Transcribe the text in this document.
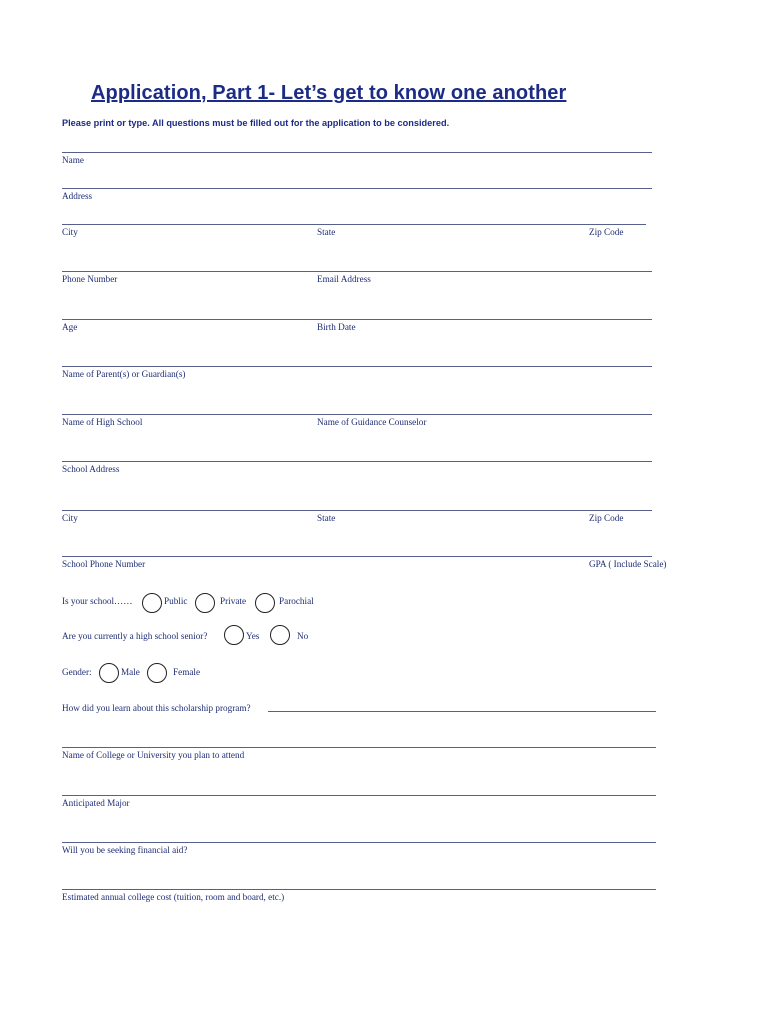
Application, Part 1- Let’s get to know one another
Please print or type. All questions must be filled out for the application to be considered.
Name
Address
City	State	Zip Code
Phone Number	Email Address
Age	Birth Date
Name of Parent(s) or Guardian(s)
Name of High School	Name of Guidance Counselor
School Address
City	State	Zip Code
School Phone Number	GPA ( Include Scale)
Is your school……	Public	Private	Parochial
Are you currently a high school senior?	Yes	No
Gender:	Male	Female
How did you learn about this scholarship program?
Name of College or University you plan to attend
Anticipated Major
Will you be seeking financial aid?
Estimated annual college cost (tuition, room and board, etc.)
